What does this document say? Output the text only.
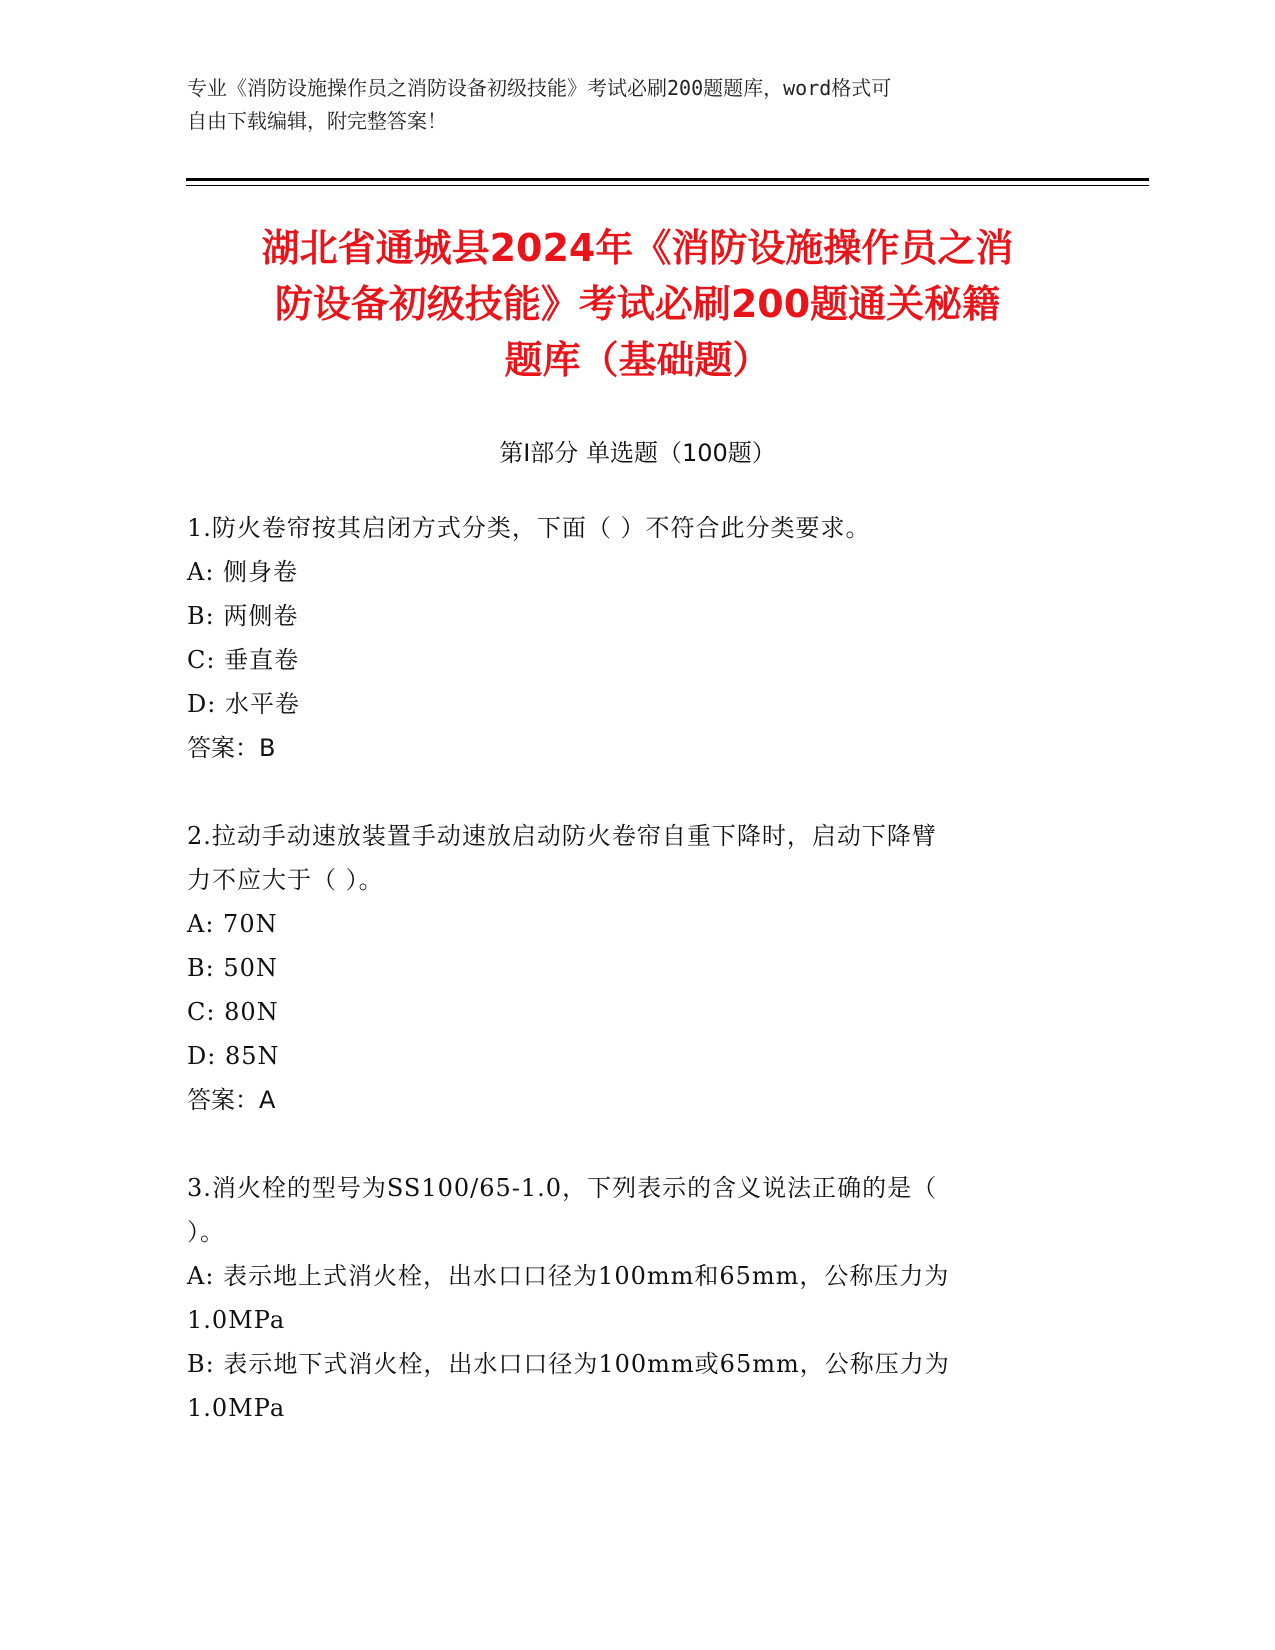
专业《消防设施操作员之消防设备初级技能》考试必刷200题题库，word格式可
自由下载编辑，附完整答案！
湖北省通城县2024年《消防设施操作员之消
防设备初级技能》考试必刷200题通关秘籍
题库（基础题）
第Ⅰ部分 单选题（100题）
1.防火卷帘按其启闭方式分类，下面（ ）不符合此分类要求。
A: 侧身卷
B: 两侧卷
C: 垂直卷
D: 水平卷
答案：B
2.拉动手动速放装置手动速放启动防火卷帘自重下降时，启动下降臂
力不应大于（ ）。
A: 70N
B: 50N
C: 80N
D: 85N
答案：A
3.消火栓的型号为SS100/65-1.0，下列表示的含义说法正确的是（
）。
A: 表示地上式消火栓，出水口口径为100mm和65mm，公称压力为
1.0MPa
B: 表示地下式消火栓，出水口口径为100mm或65mm，公称压力为
1.0MPa
